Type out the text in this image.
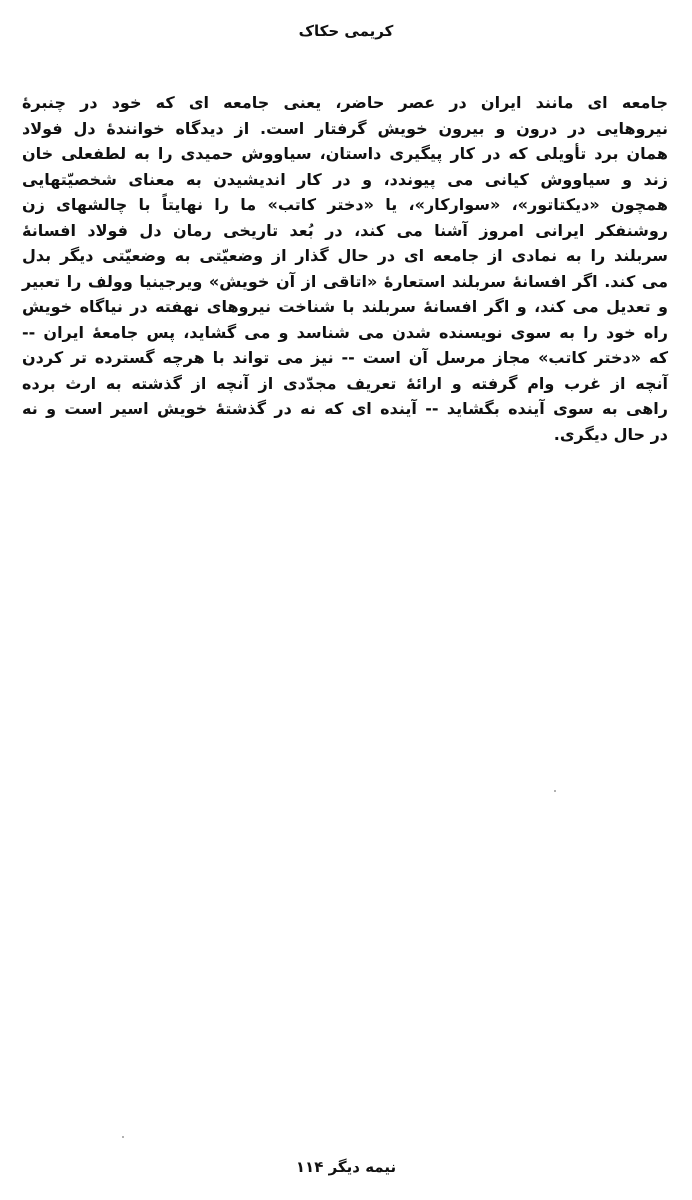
کریمی حکاک
جامعه ای مانند ایران در عصر حاضر، یعنی جامعه ای که خود در چنبرهٔ
نیروهایی در درون و بیرون خویش گرفتار است. از دیدگاه خوانندهٔ دل فولاد
همان برد تأویلی که در کار پیگیری داستان، سیاووش حمیدی را به لطفعلی خان
زند و سیاووش کیانی می پیوندد، و در کار اندیشیدن به معنای شخصیّتهایی
همچون «دیکتاتور»، «سوارکار»، یا «دختر کاتب» ما را نهایتاً با چالشهای زن
روشنفکر ایرانی امروز آشنا می کند، در بُعد تاریخی رمان دل فولاد افسانهٔ
سربلند را به نمادی از جامعه ای در حال گذار از وضعیّتی به وضعیّتی دیگر بدل
می کند. اگر افسانهٔ سربلند استعارهٔ «اتاقی از آن خویش» ویرجینیا وولف را تعبیر
و تعدیل می کند، و اگر افسانهٔ سربلند با شناخت نیروهای نهفته در نیاگاه خویش
راه خود را به سوی نویسنده شدن می شناسد و می گشاید، پس جامعهٔ ایران --
که «دختر کاتب» مجاز مرسل آن است -- نیز می تواند با هرچه گسترده تر کردن
آنچه از غرب وام گرفته و ارائهٔ تعریف مجدّدی از آنچه از گذشته به ارث برده
راهی به سوی آینده بگشاید -- آینده ای که نه در گذشتهٔ خویش اسیر است و نه
در حال دیگری.
نیمه دیگر ۱۱۴
